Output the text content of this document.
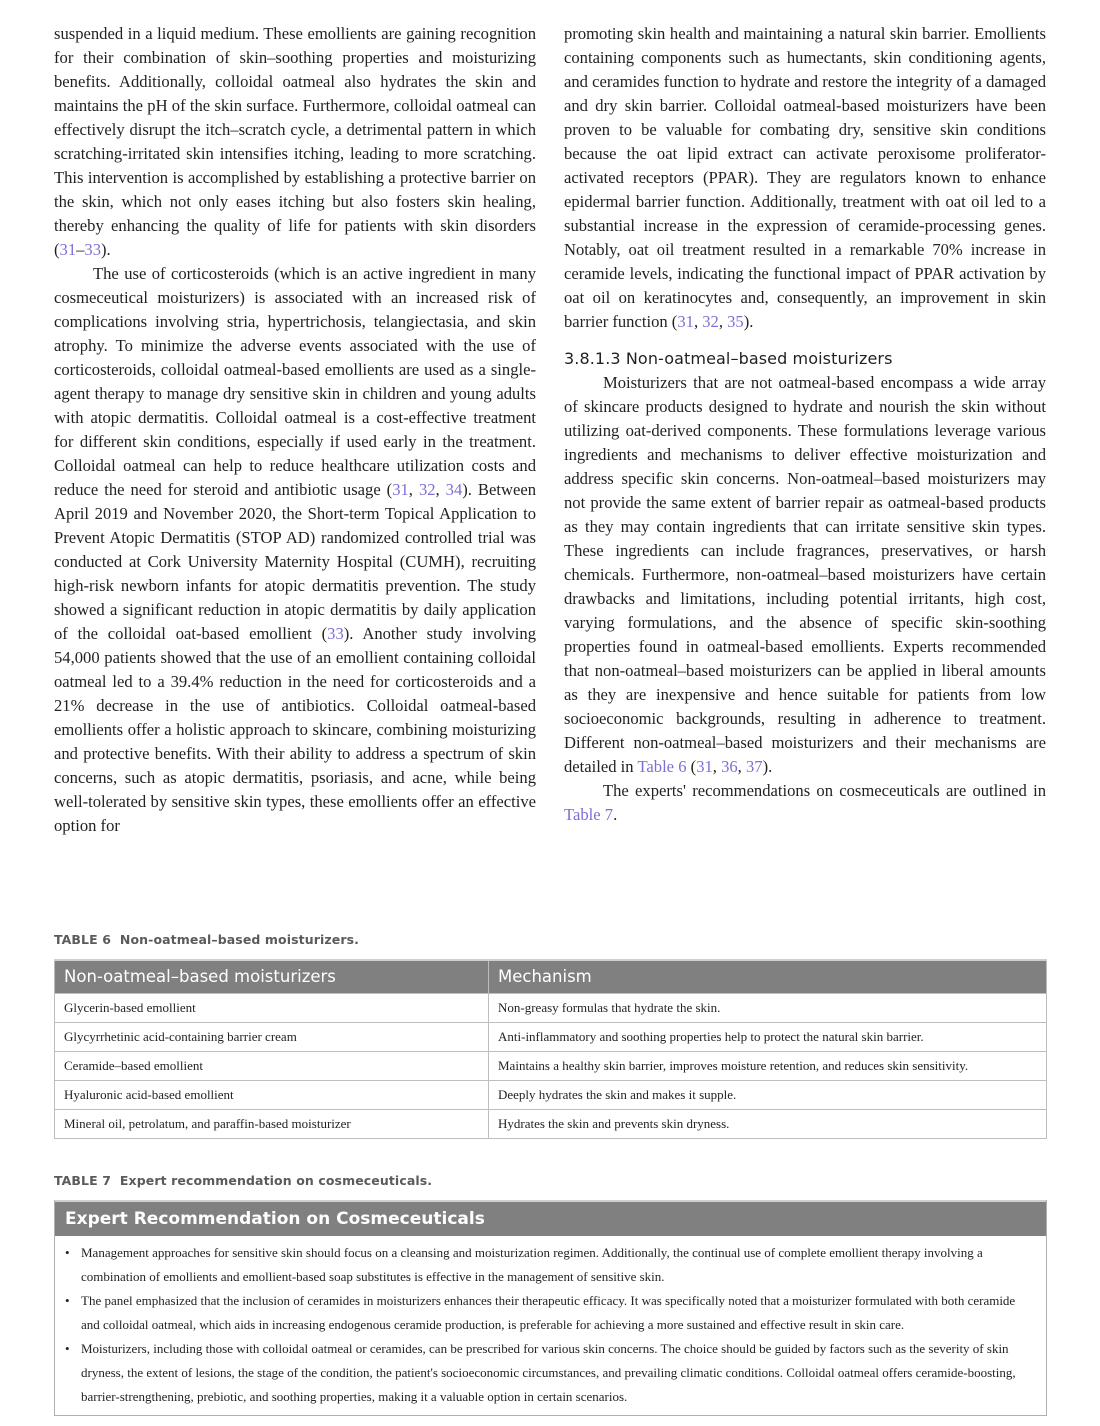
suspended in a liquid medium. These emollients are gaining recognition for their combination of skin–soothing properties and moisturizing benefits. Additionally, colloidal oatmeal also hydrates the skin and maintains the pH of the skin surface. Furthermore, colloidal oatmeal can effectively disrupt the itch–scratch cycle, a detrimental pattern in which scratching-irritated skin intensifies itching, leading to more scratching. This intervention is accomplished by establishing a protective barrier on the skin, which not only eases itching but also fosters skin healing, thereby enhancing the quality of life for patients with skin disorders (31–33).

The use of corticosteroids (which is an active ingredient in many cosmeceutical moisturizers) is associated with an increased risk of complications involving stria, hypertrichosis, telangiectasia, and skin atrophy. To minimize the adverse events associated with the use of corticosteroids, colloidal oatmeal-based emollients are used as a single-agent therapy to manage dry sensitive skin in children and young adults with atopic dermatitis. Colloidal oatmeal is a cost-effective treatment for different skin conditions, especially if used early in the treatment. Colloidal oatmeal can help to reduce healthcare utilization costs and reduce the need for steroid and antibiotic usage (31, 32, 34). Between April 2019 and November 2020, the Short-term Topical Application to Prevent Atopic Dermatitis (STOP AD) randomized controlled trial was conducted at Cork University Maternity Hospital (CUMH), recruiting high-risk newborn infants for atopic dermatitis prevention. The study showed a significant reduction in atopic dermatitis by daily application of the colloidal oat-based emollient (33). Another study involving 54,000 patients showed that the use of an emollient containing colloidal oatmeal led to a 39.4% reduction in the need for corticosteroids and a 21% decrease in the use of antibiotics. Colloidal oatmeal-based emollients offer a holistic approach to skincare, combining moisturizing and protective benefits. With their ability to address a spectrum of skin concerns, such as atopic dermatitis, psoriasis, and acne, while being well-tolerated by sensitive skin types, these emollients offer an effective option for

promoting skin health and maintaining a natural skin barrier. Emollients containing components such as humectants, skin conditioning agents, and ceramides function to hydrate and restore the integrity of a damaged and dry skin barrier. Colloidal oatmeal-based moisturizers have been proven to be valuable for combating dry, sensitive skin conditions because the oat lipid extract can activate peroxisome proliferator-activated receptors (PPAR). They are regulators known to enhance epidermal barrier function. Additionally, treatment with oat oil led to a substantial increase in the expression of ceramide-processing genes. Notably, oat oil treatment resulted in a remarkable 70% increase in ceramide levels, indicating the functional impact of PPAR activation by oat oil on keratinocytes and, consequently, an improvement in skin barrier function (31, 32, 35).

3.8.1.3 Non-oatmeal–based moisturizers

Moisturizers that are not oatmeal-based encompass a wide array of skincare products designed to hydrate and nourish the skin without utilizing oat-derived components. These formulations leverage various ingredients and mechanisms to deliver effective moisturization and address specific skin concerns. Non-oatmeal–based moisturizers may not provide the same extent of barrier repair as oatmeal-based products as they may contain ingredients that can irritate sensitive skin types. These ingredients can include fragrances, preservatives, or harsh chemicals. Furthermore, non-oatmeal–based moisturizers have certain drawbacks and limitations, including potential irritants, high cost, varying formulations, and the absence of specific skin-soothing properties found in oatmeal-based emollients. Experts recommended that non-oatmeal–based moisturizers can be applied in liberal amounts as they are inexpensive and hence suitable for patients from low socioeconomic backgrounds, resulting in adherence to treatment. Different non-oatmeal–based moisturizers and their mechanisms are detailed in Table 6 (31, 36, 37).

The experts' recommendations on cosmeceuticals are outlined in Table 7.

TABLE 6 Non-oatmeal–based moisturizers.
Non-oatmeal–based moisturizers	Mechanism
Glycerin-based emollient	Non-greasy formulas that hydrate the skin.
Glycyrrhetinic acid-containing barrier cream	Anti-inflammatory and soothing properties help to protect the natural skin barrier.
Ceramide–based emollient	Maintains a healthy skin barrier, improves moisture retention, and reduces skin sensitivity.
Hyaluronic acid-based emollient	Deeply hydrates the skin and makes it supple.
Mineral oil, petrolatum, and paraffin-based moisturizer	Hydrates the skin and prevents skin dryness.
TABLE 7 Expert recommendation on cosmeceuticals.
Expert Recommendation on Cosmeceuticals
• Management approaches for sensitive skin should focus on a cleansing and moisturization regimen. Additionally, the continual use of complete emollient therapy involving a combination of emollients and emollient-based soap substitutes is effective in the management of sensitive skin.
• The panel emphasized that the inclusion of ceramides in moisturizers enhances their therapeutic efficacy. It was specifically noted that a moisturizer formulated with both ceramide and colloidal oatmeal, which aids in increasing endogenous ceramide production, is preferable for achieving a more sustained and effective result in skin care.
• Moisturizers, including those with colloidal oatmeal or ceramides, can be prescribed for various skin concerns. The choice should be guided by factors such as the severity of skin dryness, the extent of lesions, the stage of the condition, the patient's socioeconomic circumstances, and prevailing climatic conditions. Colloidal oatmeal offers ceramide-boosting, barrier-strengthening, prebiotic, and soothing properties, making it a valuable option in certain scenarios.
